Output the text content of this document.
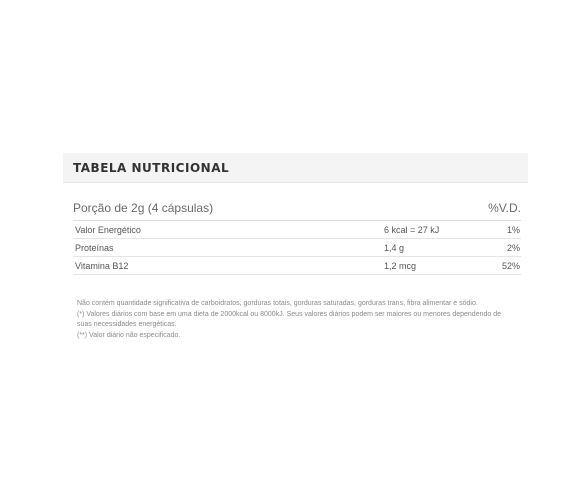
TABELA NUTRICIONAL
Porção de 2g (4 cápsulas)	%V.D.
Valor Energético	6 kcal = 27 kJ	1%
Proteínas	1,4 g	2%
Vitamina B12	1,2 mcg	52%

Não contém quantidade significativa de carboidratos, gorduras totais, gorduras saturadas, gorduras trans, fibra alimentar e sódio.

(*) Valores diários com base em uma dieta de 2000kcal ou 8000kJ. Seus valores diários podem ser maiores ou menores dependendo de suas necessidades energéticas.

(**) Valor diário não especificado.
